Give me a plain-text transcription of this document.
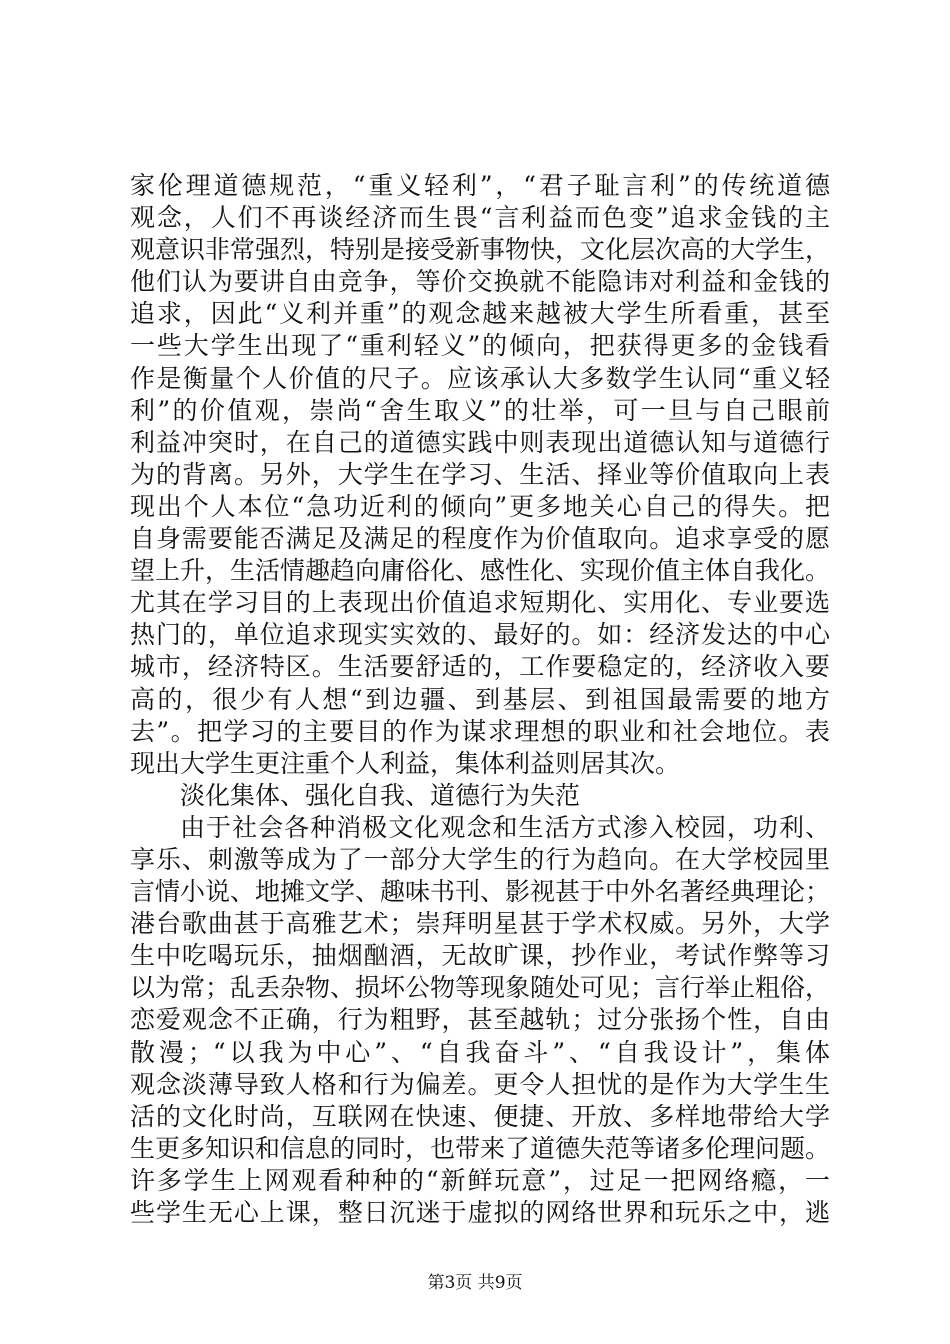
家伦理道德规范，“重义轻利”，“君子耻言利”的传统道德
观念，人们不再谈经济而生畏“言利益而色变”追求金钱的主
观意识非常强烈，特别是接受新事物快，文化层次高的大学生，
他们认为要讲自由竞争，等价交换就不能隐讳对利益和金钱的
追求，因此“义利并重”的观念越来越被大学生所看重，甚至
一些大学生出现了“重利轻义”的倾向，把获得更多的金钱看
作是衡量个人价值的尺子。应该承认大多数学生认同“重义轻
利”的价值观，崇尚“舍生取义”的壮举，可一旦与自己眼前
利益冲突时，在自己的道德实践中则表现出道德认知与道德行
为的背离。另外，大学生在学习、生活、择业等价值取向上表
现出个人本位“急功近利的倾向”更多地关心自己的得失。把
自身需要能否满足及满足的程度作为价值取向。追求享受的愿
望上升，生活情趣趋向庸俗化、感性化、实现价值主体自我化。
尤其在学习目的上表现出价值追求短期化、实用化、专业要选
热门的，单位追求现实实效的、最好的。如：经济发达的中心
城市，经济特区。生活要舒适的，工作要稳定的，经济收入要
高的，很少有人想“到边疆、到基层、到祖国最需要的地方
去”。把学习的主要目的作为谋求理想的职业和社会地位。表
现出大学生更注重个人利益，集体利益则居其次。
淡化集体、强化自我、道德行为失范
由于社会各种消极文化观念和生活方式渗入校园，功利、
享乐、刺激等成为了一部分大学生的行为趋向。在大学校园里
言情小说、地摊文学、趣味书刊、影视甚于中外名著经典理论；
港台歌曲甚于高雅艺术；崇拜明星甚于学术权威。另外，大学
生中吃喝玩乐，抽烟酗酒，无故旷课，抄作业，考试作弊等习
以为常；乱丢杂物、损坏公物等现象随处可见；言行举止粗俗，
恋爱观念不正确，行为粗野，甚至越轨；过分张扬个性，自由
散漫；“以我为中心”、“自我奋斗”、“自我设计”，集体
观念淡薄导致人格和行为偏差。更令人担忧的是作为大学生生
活的文化时尚，互联网在快速、便捷、开放、多样地带给大学
生更多知识和信息的同时，也带来了道德失范等诸多伦理问题。
许多学生上网观看种种的“新鲜玩意”，过足一把网络瘾，一
些学生无心上课，整日沉迷于虚拟的网络世界和玩乐之中，逃
第3页 共9页
